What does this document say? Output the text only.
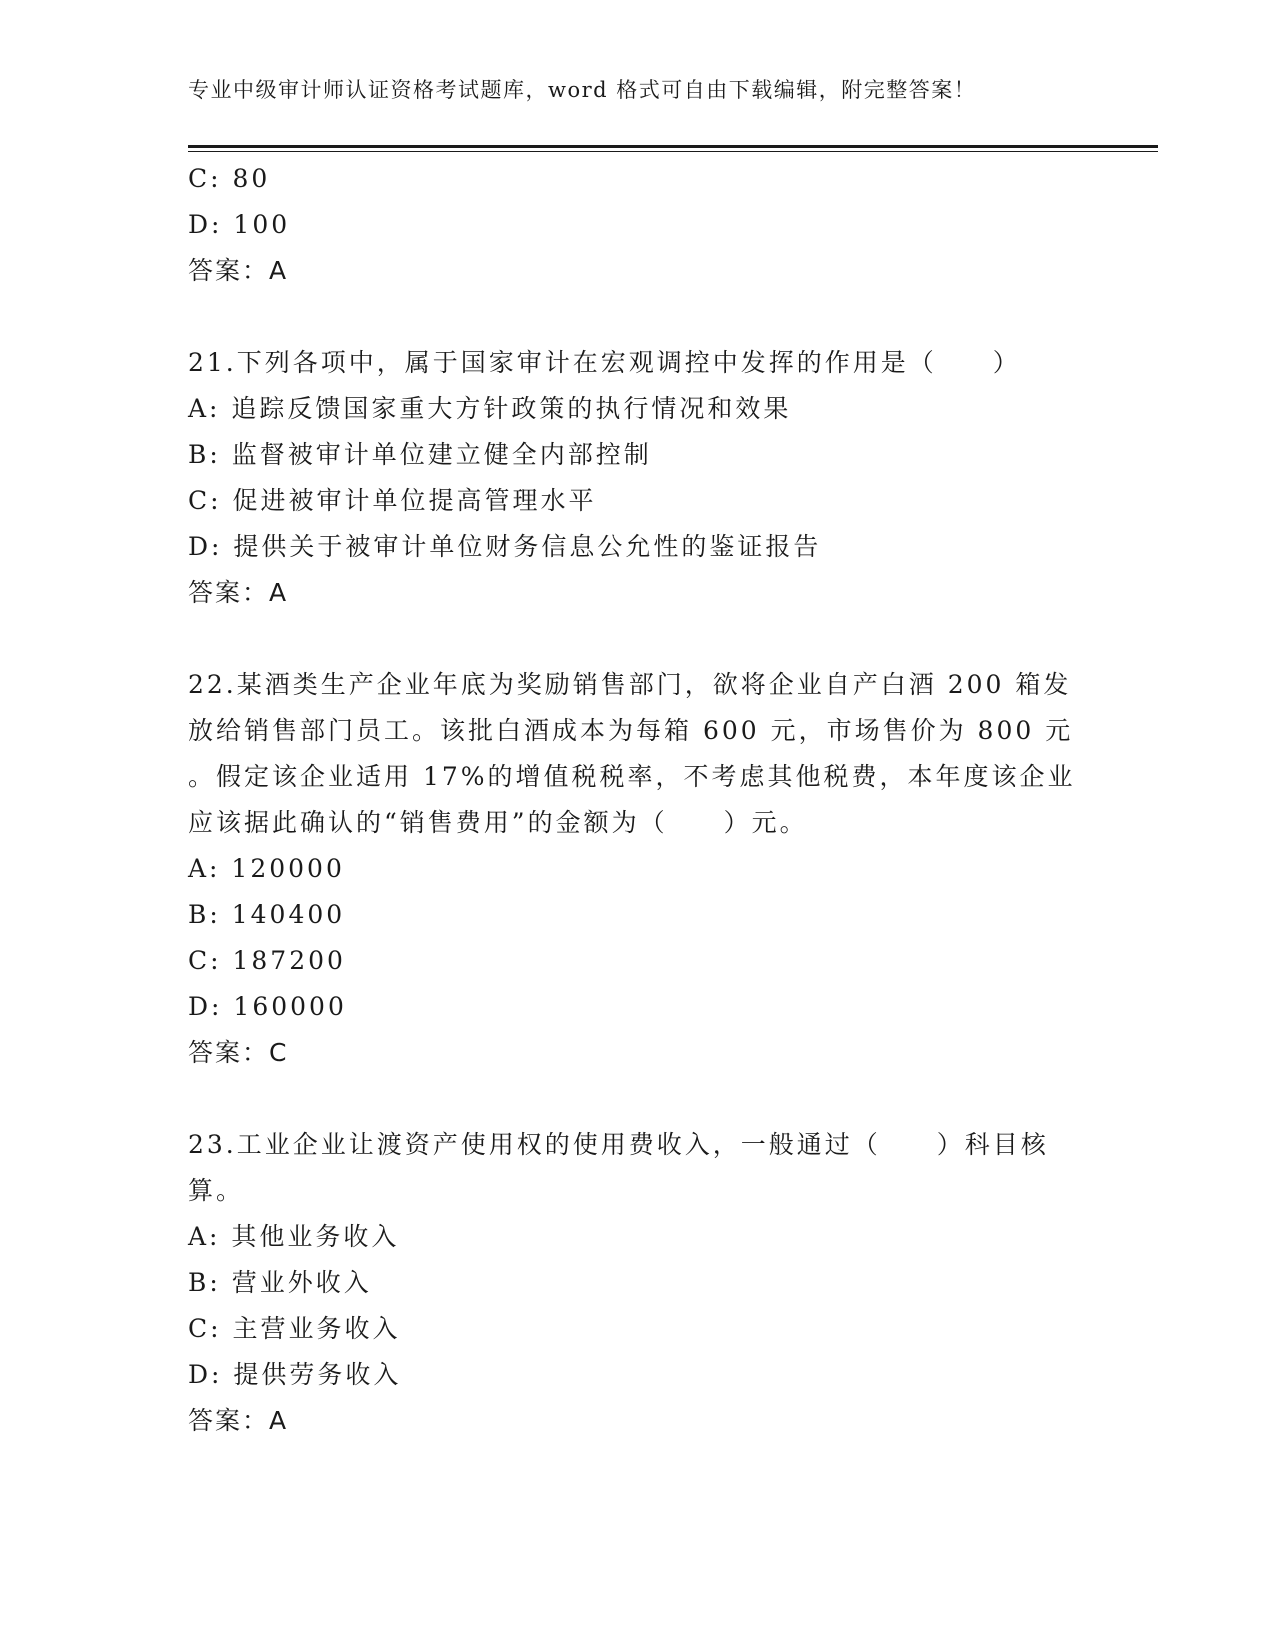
专业中级审计师认证资格考试题库，word 格式可自由下载编辑，附完整答案！
C: 80
D: 100
答案：A
21.下列各项中，属于国家审计在宏观调控中发挥的作用是（　　）
A: 追踪反馈国家重大方针政策的执行情况和效果
B: 监督被审计单位建立健全内部控制
C: 促进被审计单位提高管理水平
D: 提供关于被审计单位财务信息公允性的鉴证报告
答案：A
22.某酒类生产企业年底为奖励销售部门，欲将企业自产白酒 200 箱发
放给销售部门员工。该批白酒成本为每箱 600 元，市场售价为 800 元
。假定该企业适用 17%的增值税税率，不考虑其他税费，本年度该企业
应该据此确认的“销售费用”的金额为（　　）元。
A: 120000
B: 140400
C: 187200
D: 160000
答案：C
23.工业企业让渡资产使用权的使用费收入，一般通过（　　）科目核
算。
A: 其他业务收入
B: 营业外收入
C: 主营业务收入
D: 提供劳务收入
答案：A
